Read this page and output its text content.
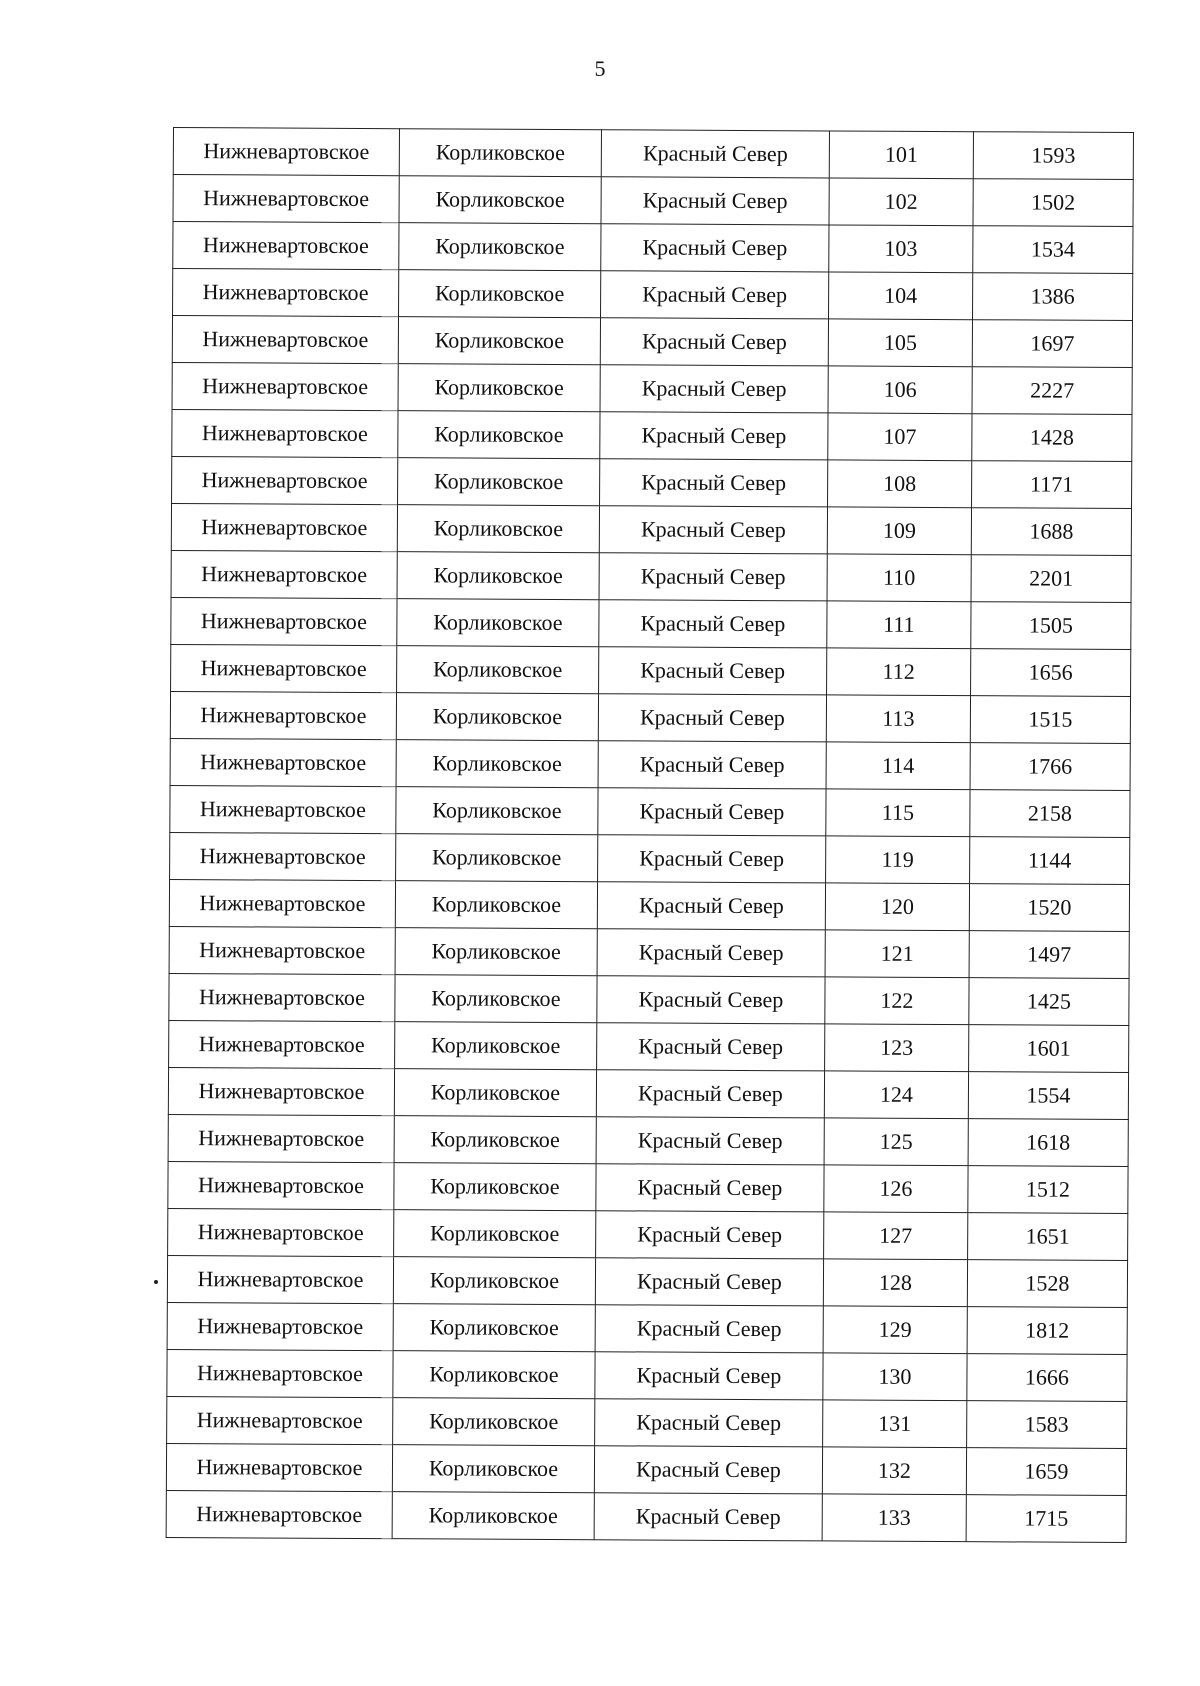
5
Нижневартовское	Корликовское	Красный Север	101	1593
Нижневартовское	Корликовское	Красный Север	102	1502
Нижневартовское	Корликовское	Красный Север	103	1534
Нижневартовское	Корликовское	Красный Север	104	1386
Нижневартовское	Корликовское	Красный Север	105	1697
Нижневартовское	Корликовское	Красный Север	106	2227
Нижневартовское	Корликовское	Красный Север	107	1428
Нижневартовское	Корликовское	Красный Север	108	1171
Нижневартовское	Корликовское	Красный Север	109	1688
Нижневартовское	Корликовское	Красный Север	110	2201
Нижневартовское	Корликовское	Красный Север	111	1505
Нижневартовское	Корликовское	Красный Север	112	1656
Нижневартовское	Корликовское	Красный Север	113	1515
Нижневартовское	Корликовское	Красный Север	114	1766
Нижневартовское	Корликовское	Красный Север	115	2158
Нижневартовское	Корликовское	Красный Север	119	1144
Нижневартовское	Корликовское	Красный Север	120	1520
Нижневартовское	Корликовское	Красный Север	121	1497
Нижневартовское	Корликовское	Красный Север	122	1425
Нижневартовское	Корликовское	Красный Север	123	1601
Нижневартовское	Корликовское	Красный Север	124	1554
Нижневартовское	Корликовское	Красный Север	125	1618
Нижневартовское	Корликовское	Красный Север	126	1512
Нижневартовское	Корликовское	Красный Север	127	1651
Нижневартовское	Корликовское	Красный Север	128	1528
Нижневартовское	Корликовское	Красный Север	129	1812
Нижневартовское	Корликовское	Красный Север	130	1666
Нижневартовское	Корликовское	Красный Север	131	1583
Нижневартовское	Корликовское	Красный Север	132	1659
Нижневартовское	Корликовское	Красный Север	133	1715
